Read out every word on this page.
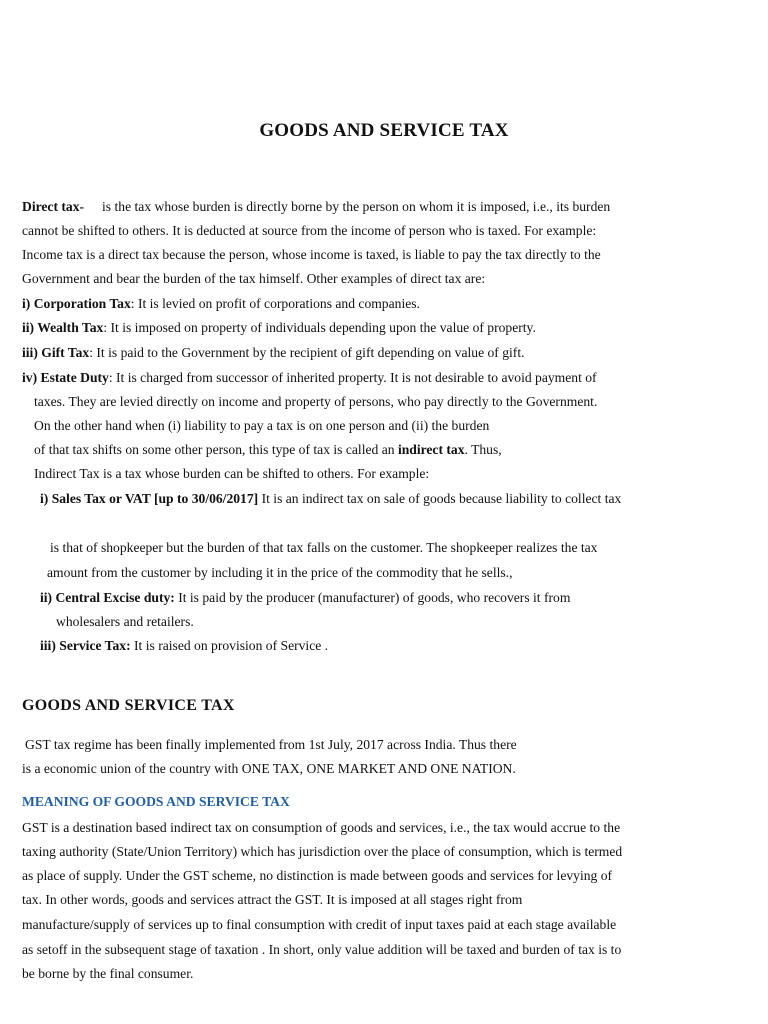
GOODS AND SERVICE TAX

Direct tax- is the tax whose burden is directly borne by the person on whom it is imposed, i.e., its burden

cannot be shifted to others. It is deducted at source from the income of person who is taxed. For example:

Income tax is a direct tax because the person, whose income is taxed, is liable to pay the tax directly to the

Government and bear the burden of the tax himself. Other examples of direct tax are:

i) Corporation Tax: It is levied on profit of corporations and companies.

ii) Wealth Tax: It is imposed on property of individuals depending upon the value of property.

iii) Gift Tax: It is paid to the Government by the recipient of gift depending on value of gift.

iv) Estate Duty: It is charged from successor of inherited property. It is not desirable to avoid payment of

taxes. They are levied directly on income and property of persons, who pay directly to the Government.

On the other hand when (i) liability to pay a tax is on one person and (ii) the burden

of that tax shifts on some other person, this type of tax is called an indirect tax. Thus,

Indirect Tax is a tax whose burden can be shifted to others. For example:

i) Sales Tax or VAT [up to 30/06/2017] It is an indirect tax on sale of goods because liability to collect tax

is that of shopkeeper but the burden of that tax falls on the customer. The shopkeeper realizes the tax

amount from the customer by including it in the price of the commodity that he sells.,

ii) Central Excise duty: It is paid by the producer (manufacturer) of goods, who recovers it from

wholesalers and retailers.

iii) Service Tax: It is raised on provision of Service .

GOODS AND SERVICE TAX

GST tax regime has been finally implemented from 1st July, 2017 across India. Thus there

is a economic union of the country with ONE TAX, ONE MARKET AND ONE NATION.

MEANING OF GOODS AND SERVICE TAX

GST is a destination based indirect tax on consumption of goods and services, i.e., the tax would accrue to the

taxing authority (State/Union Territory) which has jurisdiction over the place of consumption, which is termed

as place of supply. Under the GST scheme, no distinction is made between goods and services for levying of

tax. In other words, goods and services attract the GST. It is imposed at all stages right from

manufacture/supply of services up to final consumption with credit of input taxes paid at each stage available

as setoff in the subsequent stage of taxation . In short, only value addition will be taxed and burden of tax is to

be borne by the final consumer.
